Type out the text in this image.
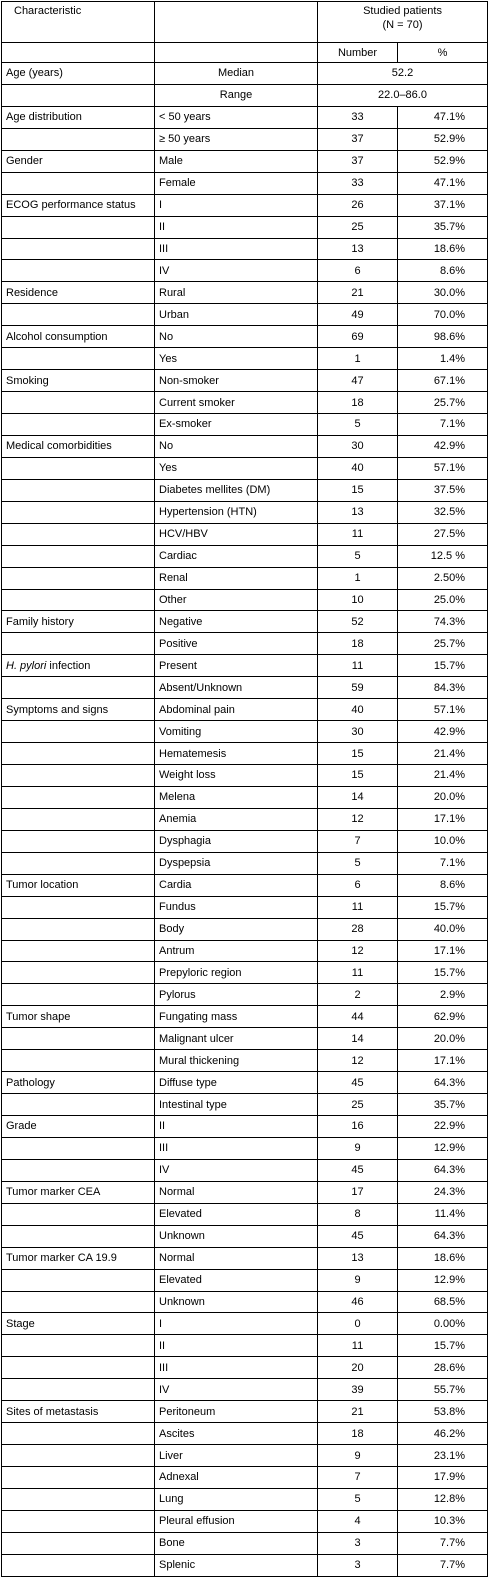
Characteristic		Studied patients
(N = 70)	
		Number	%
Age (years)	Median	52.2	
	Range	22.0–86.0	
Age distribution	< 50 years	33	47.1%
	≥ 50 years	37	52.9%
Gender	Male	37	52.9%
	Female	33	47.1%
ECOG performance status	I	26	37.1%
	II	25	35.7%
	III	13	18.6%
	IV	6	8.6%
Residence	Rural	21	30.0%
	Urban	49	70.0%
Alcohol consumption	No	69	98.6%
	Yes	1	1.4%
Smoking	Non-smoker	47	67.1%
	Current smoker	18	25.7%
	Ex-smoker	5	7.1%
Medical comorbidities	No	30	42.9%
	Yes	40	57.1%
	Diabetes mellites (DM)	15	37.5%
	Hypertension (HTN)	13	32.5%
	HCV/HBV	11	27.5%
	Cardiac	5	12.5 %
	Renal	1	2.50%
	Other	10	25.0%
Family history	Negative	52	74.3%
	Positive	18	25.7%
H. pylori infection	Present	11	15.7%
	Absent/Unknown	59	84.3%
Symptoms and signs	Abdominal pain	40	57.1%
	Vomiting	30	42.9%
	Hematemesis	15	21.4%
	Weight loss	15	21.4%
	Melena	14	20.0%
	Anemia	12	17.1%
	Dysphagia	7	10.0%
	Dyspepsia	5	7.1%
Tumor location	Cardia	6	8.6%
	Fundus	11	15.7%
	Body	28	40.0%
	Antrum	12	17.1%
	Prepyloric region	11	15.7%
	Pylorus	2	2.9%
Tumor shape	Fungating mass	44	62.9%
	Malignant ulcer	14	20.0%
	Mural thickening	12	17.1%
Pathology	Diffuse type	45	64.3%
	Intestinal type	25	35.7%
Grade	II	16	22.9%
	III	9	12.9%
	IV	45	64.3%
Tumor marker CEA	Normal	17	24.3%
	Elevated	8	11.4%
	Unknown	45	64.3%
Tumor marker CA 19.9	Normal	13	18.6%
	Elevated	9	12.9%
	Unknown	46	68.5%
Stage	I	0	0.00%
	II	11	15.7%
	III	20	28.6%
	IV	39	55.7%
Sites of metastasis	Peritoneum	21	53.8%
	Ascites	18	46.2%
	Liver	9	23.1%
	Adnexal	7	17.9%
	Lung	5	12.8%
	Pleural effusion	4	10.3%
	Bone	3	7.7%
	Splenic	3	7.7%
